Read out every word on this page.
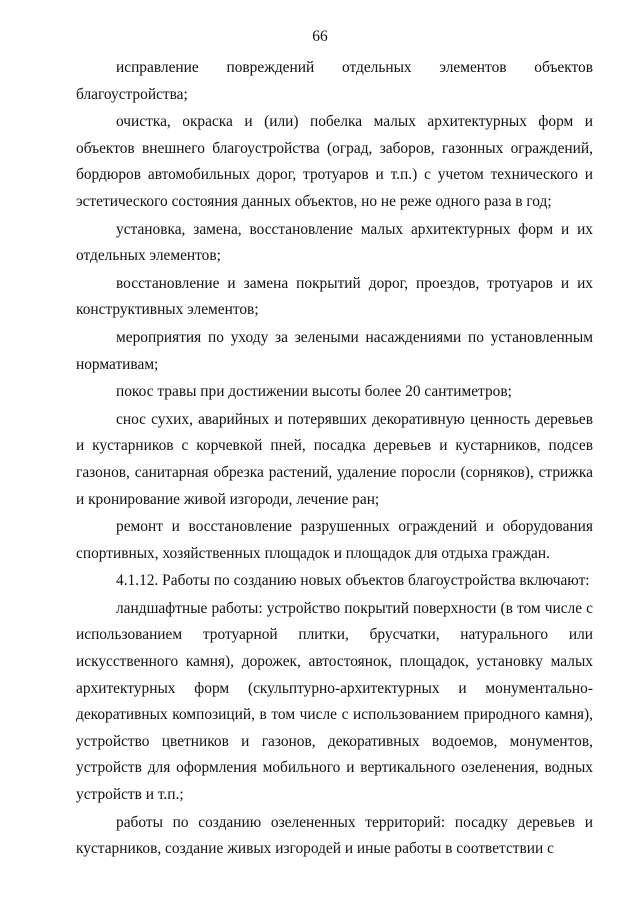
66

исправление повреждений отдельных элементов объектов благоустройства;

очистка, окраска и (или) побелка малых архитектурных форм и объектов внешнего благоустройства (оград, заборов, газонных ограждений, бордюров автомобильных дорог, тротуаров и т.п.) с учетом технического и эстетического состояния данных объектов, но не реже одного раза в год;

установка, замена, восстановление малых архитектурных форм и их отдельных элементов;

восстановление и замена покрытий дорог, проездов, тротуаров и их конструктивных элементов;

мероприятия по уходу за зелеными насаждениями по установленным нормативам;

покос травы при достижении высоты более 20 сантиметров;

снос сухих, аварийных и потерявших декоративную ценность деревьев и кустарников с корчевкой пней, посадка деревьев и кустарников, подсев газонов, санитарная обрезка растений, удаление поросли (сорняков), стрижка и кронирование живой изгороди, лечение ран;

ремонт и восстановление разрушенных ограждений и оборудования спортивных, хозяйственных площадок и площадок для отдыха граждан.

4.1.12. Работы по созданию новых объектов благоустройства включают:

ландшафтные работы: устройство покрытий поверхности (в том числе с использованием тротуарной плитки, брусчатки, натурального или искусственного камня), дорожек, автостоянок, площадок, установку малых архитектурных форм (скульптурно-архитектурных и монументально-декоративных композиций, в том числе с использованием природного камня), устройство цветников и газонов, декоративных водоемов, монументов, устройств для оформления мобильного и вертикального озеленения, водных устройств и т.п.;

работы по созданию озелененных территорий: посадку деревьев и кустарников, создание живых изгородей и иные работы в соответствии с
